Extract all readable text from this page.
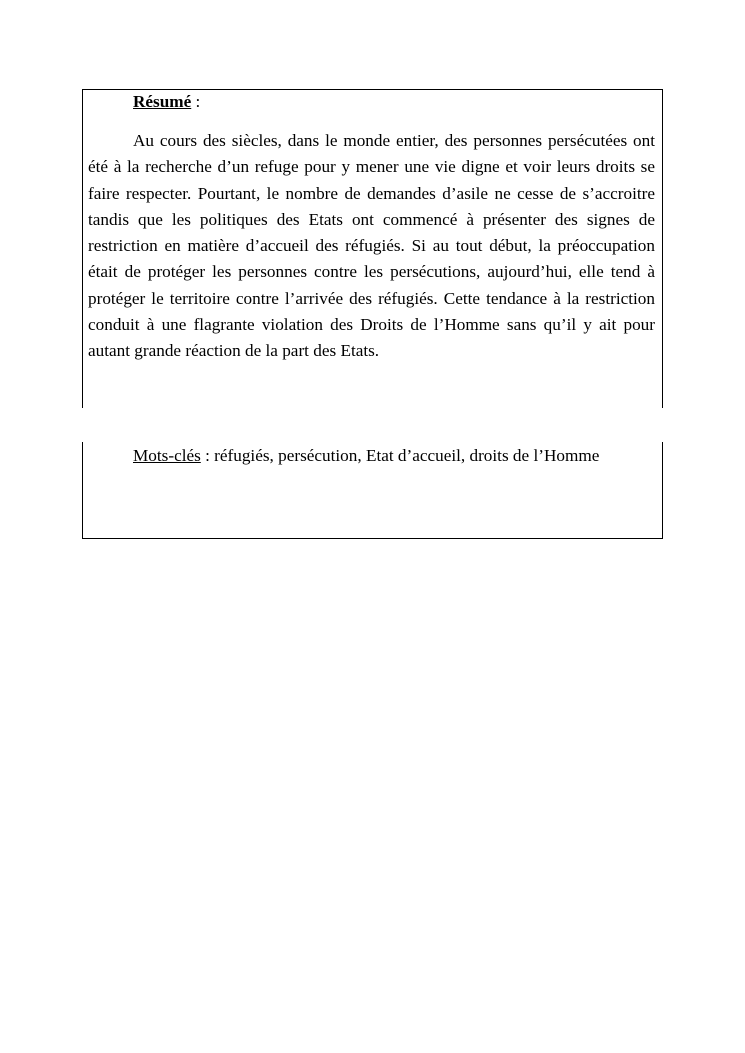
Résumé :
Au cours des siècles, dans le monde entier, des personnes persécutées ont été à la recherche d’un refuge pour y mener une vie digne et voir leurs droits se faire respecter. Pourtant, le nombre de demandes d’asile ne cesse de s’accroitre tandis que les politiques des Etats ont commencé à présenter des signes de restriction en matière d’accueil des réfugiés. Si au tout début, la préoccupation était de protéger les personnes contre les persécutions, aujourd’hui, elle tend à protéger le territoire contre l’arrivée des réfugiés. Cette tendance à la restriction conduit à une flagrante violation des Droits de l’Homme sans qu’il y ait pour autant grande réaction de la part des Etats.
Mots-clés : réfugiés, persécution, Etat d’accueil, droits de l’Homme
